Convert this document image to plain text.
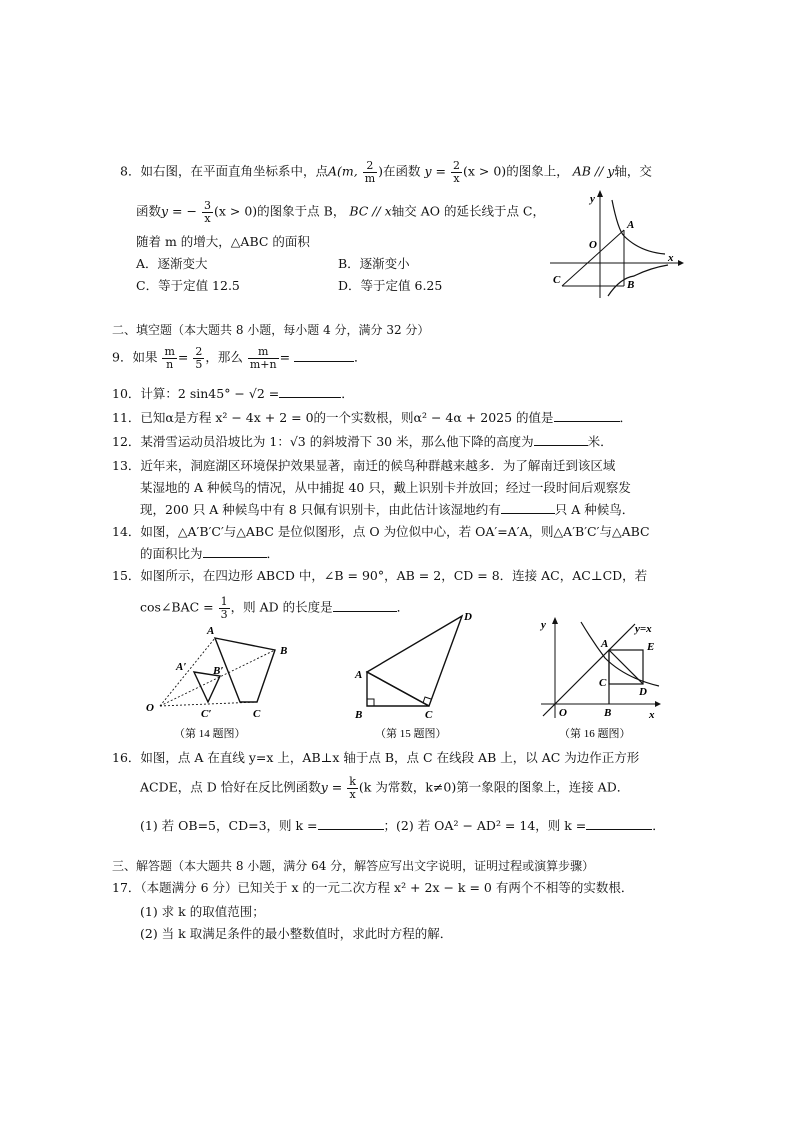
8．如右图，在平面直角坐标系中，点A(m, $\frac{2}{m}$ )在函数 $y = \frac{2}{x} (x > 0)$的图象上， AB // y轴，交
函数y = − $\frac{3}{x} (x > 0)$的图象于点 B， BC // x轴交 AO 的延长线于点 C，
随着 m 的增大，△ABC 的面积
A．逐渐变大	B．逐渐变小
C．等于定值 12.5	D．等于定值 6.25
y
x
O
A
B
C
二、填空题（本大题共 8 小题，每小题 4 分，满分 32 分）
9．如果 $\frac{m}{n} = \frac{2}{5}$ ，那么 $\frac{m}{m+n}$ =	．
10．计算：2 sin45° − √2 =	．
11．已知α是方程 x² − 4x + 2 = 0的一个实数根，则α² − 4α + 2025 的值是	．
12．某滑雪运动员沿坡比为 1：√3 的斜坡滑下 30 米，那么他下降的高度为	米．
13．近年来，洞庭湖区环境保护效果显著，南迁的候鸟种群越来越多．为了解南迁到该区域
某湿地的 A 种候鸟的情况，从中捕捉 40 只，戴上识别卡并放回；经过一段时间后观察发
现，200 只 A 种候鸟中有 8 只佩有识别卡，由此估计该湿地约有	只 A 种候鸟．
14．如图，△A′B′C′与△ABC 是位似图形，点 O 为位似中心，若 OA′=A′A，则△A′B′C′与△ABC
的面积比为	．
15．如图所示，在四边形 ABCD 中，∠B = 90°，AB = 2，CD = 8．连接 AC，AC⊥CD，若
cos∠BAC = $\frac{1}{3}$ ，则 AD 的长度是	．
A
B
C
A′ B′
C′
O
（第 14 题图）
A
B	C
D
（第 15 题图）
y	y=x
A	E
C
D
O	B	x
（第 16 题图）
16．如图，点 A 在直线 y=x 上，AB⊥x 轴于点 B，点 C 在线段 AB 上，以 AC 为边作正方形
ACDE，点 D 恰好在反比例函数$y = \frac{k}{x} (k$ 为常数，k≠0)第一象限的图象上，连接 AD．
(1) 若 OB=5，CD=3，则 k =	；(2) 若 OA² − AD² = 14，则 k =	．
三、解答题（本大题共 8 小题，满分 64 分，解答应写出文字说明，证明过程或演算步骤）
17．（本题满分 6 分）已知关于 x 的一元二次方程 x² + 2x − k = 0 有两个不相等的实数根．
(1) 求 k 的取值范围；
(2) 当 k 取满足条件的最小整数值时，求此时方程的解．
